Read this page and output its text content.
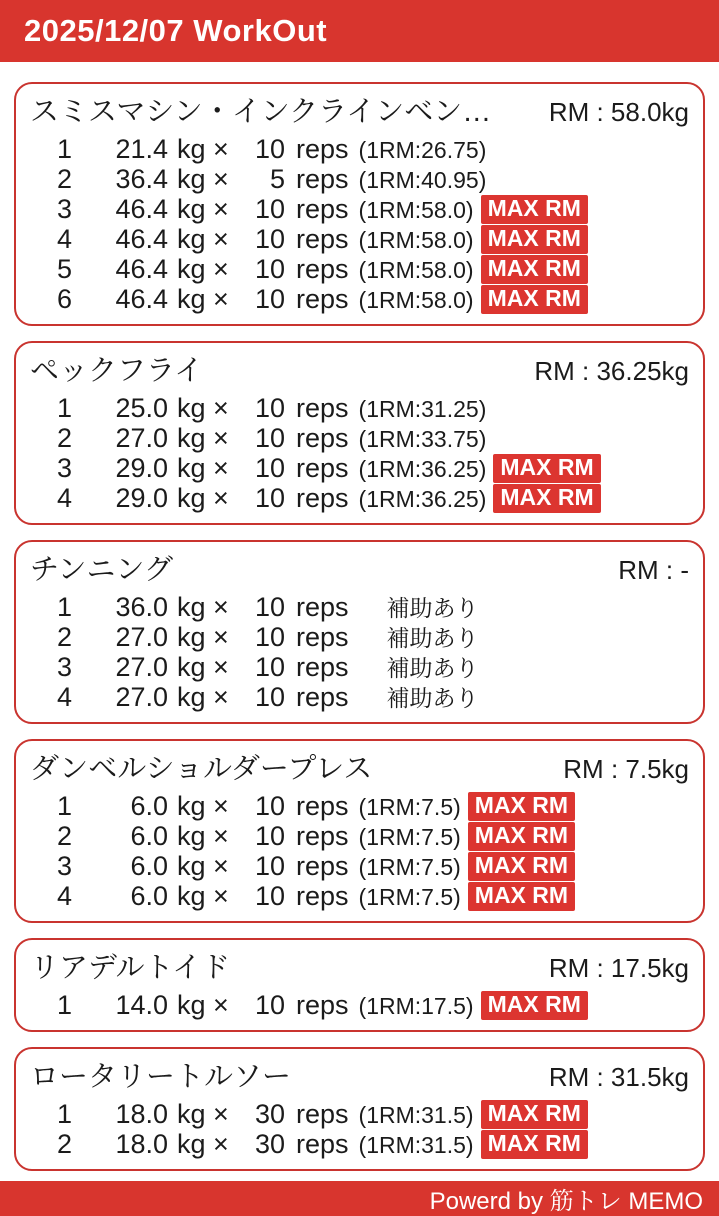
2025/12/07 WorkOut
スミスマシン・インクラインベン… RM : 58.0kg
1	21.4 kg × 10 reps (1RM:26.75)
2	36.4 kg ×	5 reps (1RM:40.95)
3	46.4 kg × 10 reps (1RM:58.0) MAX RM
4	46.4 kg × 10 reps (1RM:58.0) MAX RM
5	46.4 kg × 10 reps (1RM:58.0) MAX RM
6	46.4 kg × 10 reps (1RM:58.0) MAX RM
ペックフライ	RM : 36.25kg
1	25.0 kg × 10 reps (1RM:31.25)
2	27.0 kg × 10 reps (1RM:33.75)
3	29.0 kg × 10 reps (1RM:36.25) MAX RM
4	29.0 kg × 10 reps (1RM:36.25) MAX RM
チンニング	RM : -
1	36.0 kg × 10 reps 補助あり
2	27.0 kg × 10 reps 補助あり
3	27.0 kg × 10 reps 補助あり
4	27.0 kg × 10 reps 補助あり
ダンベルショルダープレス	RM : 7.5kg
1	6.0 kg × 10 reps (1RM:7.5) MAX RM
2	6.0 kg × 10 reps (1RM:7.5) MAX RM
3	6.0 kg × 10 reps (1RM:7.5) MAX RM
4	6.0 kg × 10 reps (1RM:7.5) MAX RM
リアデルトイド	RM : 17.5kg
1	14.0 kg × 10 reps (1RM:17.5) MAX RM
ロータリートルソー	RM : 31.5kg
1	18.0 kg × 30 reps (1RM:31.5) MAX RM
2	18.0 kg × 30 reps (1RM:31.5) MAX RM
Powerd by 筋トレ MEMO
